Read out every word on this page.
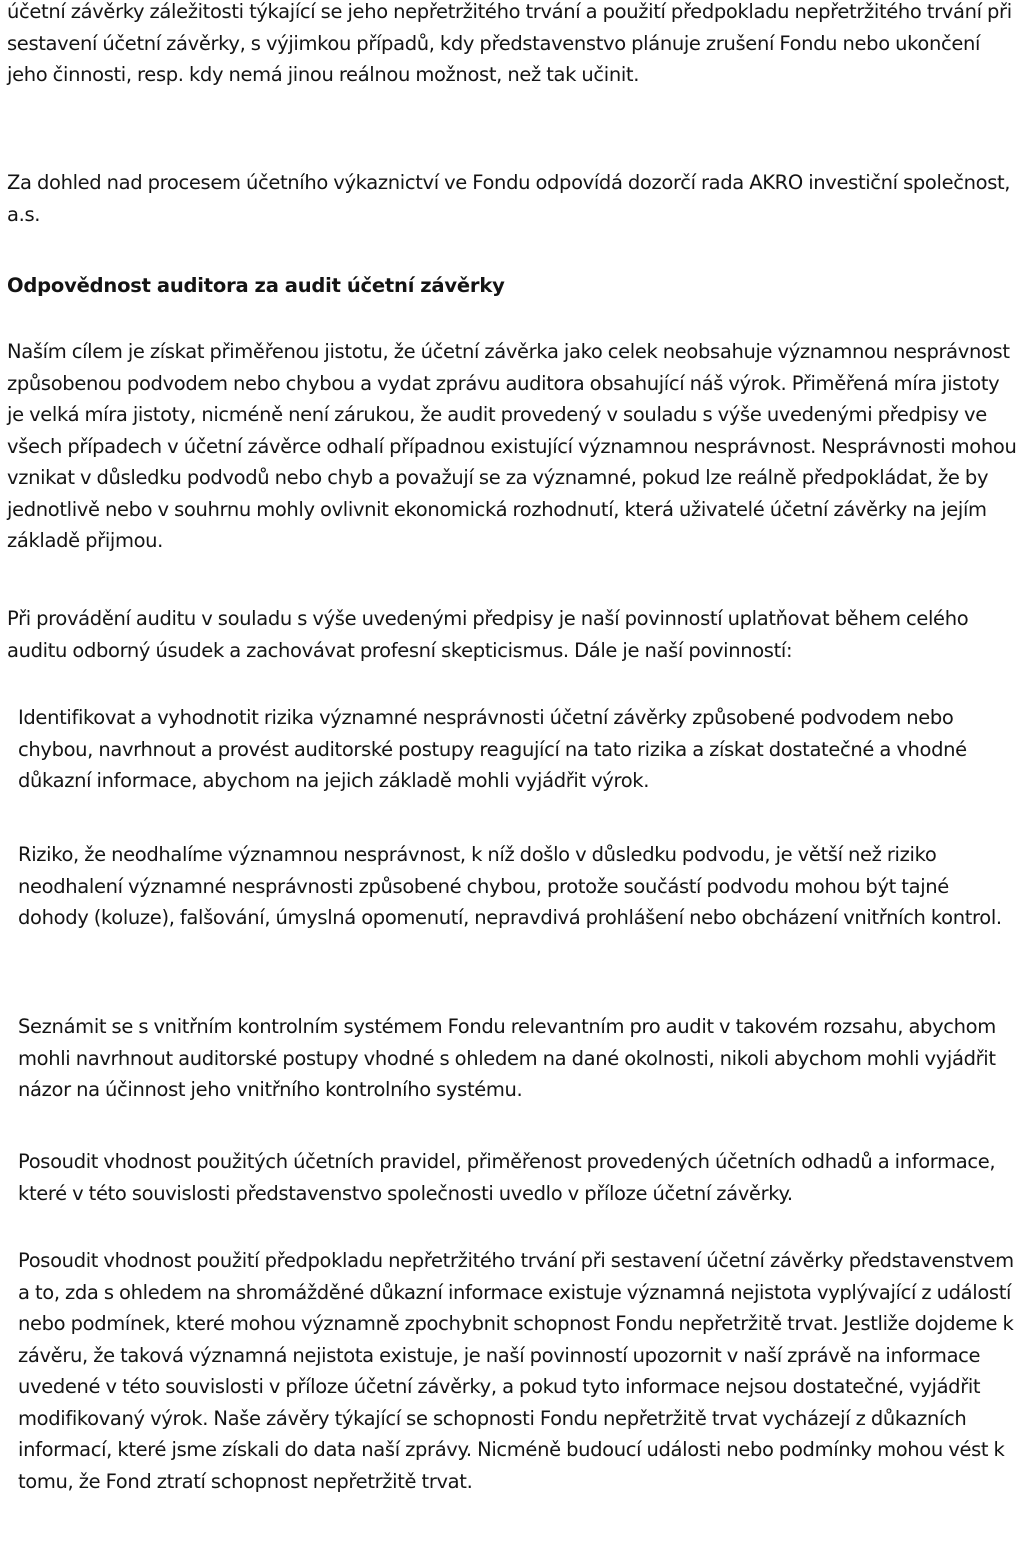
účetní závěrky záležitosti týkající se jeho nepřetržitého trvání a použití předpokladu nepřetržitého trvání při sestavení účetní závěrky, s výjimkou případů, kdy představenstvo plánuje zrušení Fondu nebo ukončení jeho činnosti, resp. kdy nemá jinou reálnou možnost, než tak učinit.

Za dohled nad procesem účetního výkaznictví ve Fondu odpovídá dozorčí rada AKRO investiční společnost, a.s.

Odpovědnost auditora za audit účetní závěrky

Naším cílem je získat přiměřenou jistotu, že účetní závěrka jako celek neobsahuje významnou nesprávnost způsobenou podvodem nebo chybou a vydat zprávu auditora obsahující náš výrok. Přiměřená míra jistoty je velká míra jistoty, nicméně není zárukou, že audit provedený v souladu s výše uvedenými předpisy ve všech případech v účetní závěrce odhalí případnou existující významnou nesprávnost. Nesprávnosti mohou vznikat v důsledku podvodů nebo chyb a považují se za významné, pokud lze reálně předpokládat, že by jednotlivě nebo v souhrnu mohly ovlivnit ekonomická rozhodnutí, která uživatelé účetní závěrky na jejím základě přijmou.

Při provádění auditu v souladu s výše uvedenými předpisy je naší povinností uplatňovat během celého auditu odborný úsudek a zachovávat profesní skepticismus. Dále je naší povinností:

Identifikovat a vyhodnotit rizika významné nesprávnosti účetní závěrky způsobené podvodem nebo chybou, navrhnout a provést auditorské postupy reagující na tato rizika a získat dostatečné a vhodné důkazní informace, abychom na jejich základě mohli vyjádřit výrok.

Riziko, že neodhalíme významnou nesprávnost, k níž došlo v důsledku podvodu, je větší než riziko neodhalení významné nesprávnosti způsobené chybou, protože součástí podvodu mohou být tajné dohody (koluze), falšování, úmyslná opomenutí, nepravdivá prohlášení nebo obcházení vnitřních kontrol.

Seznámit se s vnitřním kontrolním systémem Fondu relevantním pro audit v takovém rozsahu, abychom mohli navrhnout auditorské postupy vhodné s ohledem na dané okolnosti, nikoli abychom mohli vyjádřit názor na účinnost jeho vnitřního kontrolního systému.

Posoudit vhodnost použitých účetních pravidel, přiměřenost provedených účetních odhadů a informace, které v této souvislosti představenstvo společnosti uvedlo v příloze účetní závěrky.

Posoudit vhodnost použití předpokladu nepřetržitého trvání při sestavení účetní závěrky představenstvem a to, zda s ohledem na shromážděné důkazní informace existuje významná nejistota vyplývající z událostí nebo podmínek, které mohou významně zpochybnit schopnost Fondu nepřetržitě trvat. Jestliže dojdeme k závěru, že taková významná nejistota existuje, je naší povinností upozornit v naší zprávě na informace uvedené v této souvislosti v příloze účetní závěrky, a pokud tyto informace nejsou dostatečné, vyjádřit modifikovaný výrok. Naše závěry týkající se schopnosti Fondu nepřetržitě trvat vycházejí z důkazních informací, které jsme získali do data naší zprávy. Nicméně budoucí události nebo podmínky mohou vést k tomu, že Fond ztratí schopnost nepřetržitě trvat.
